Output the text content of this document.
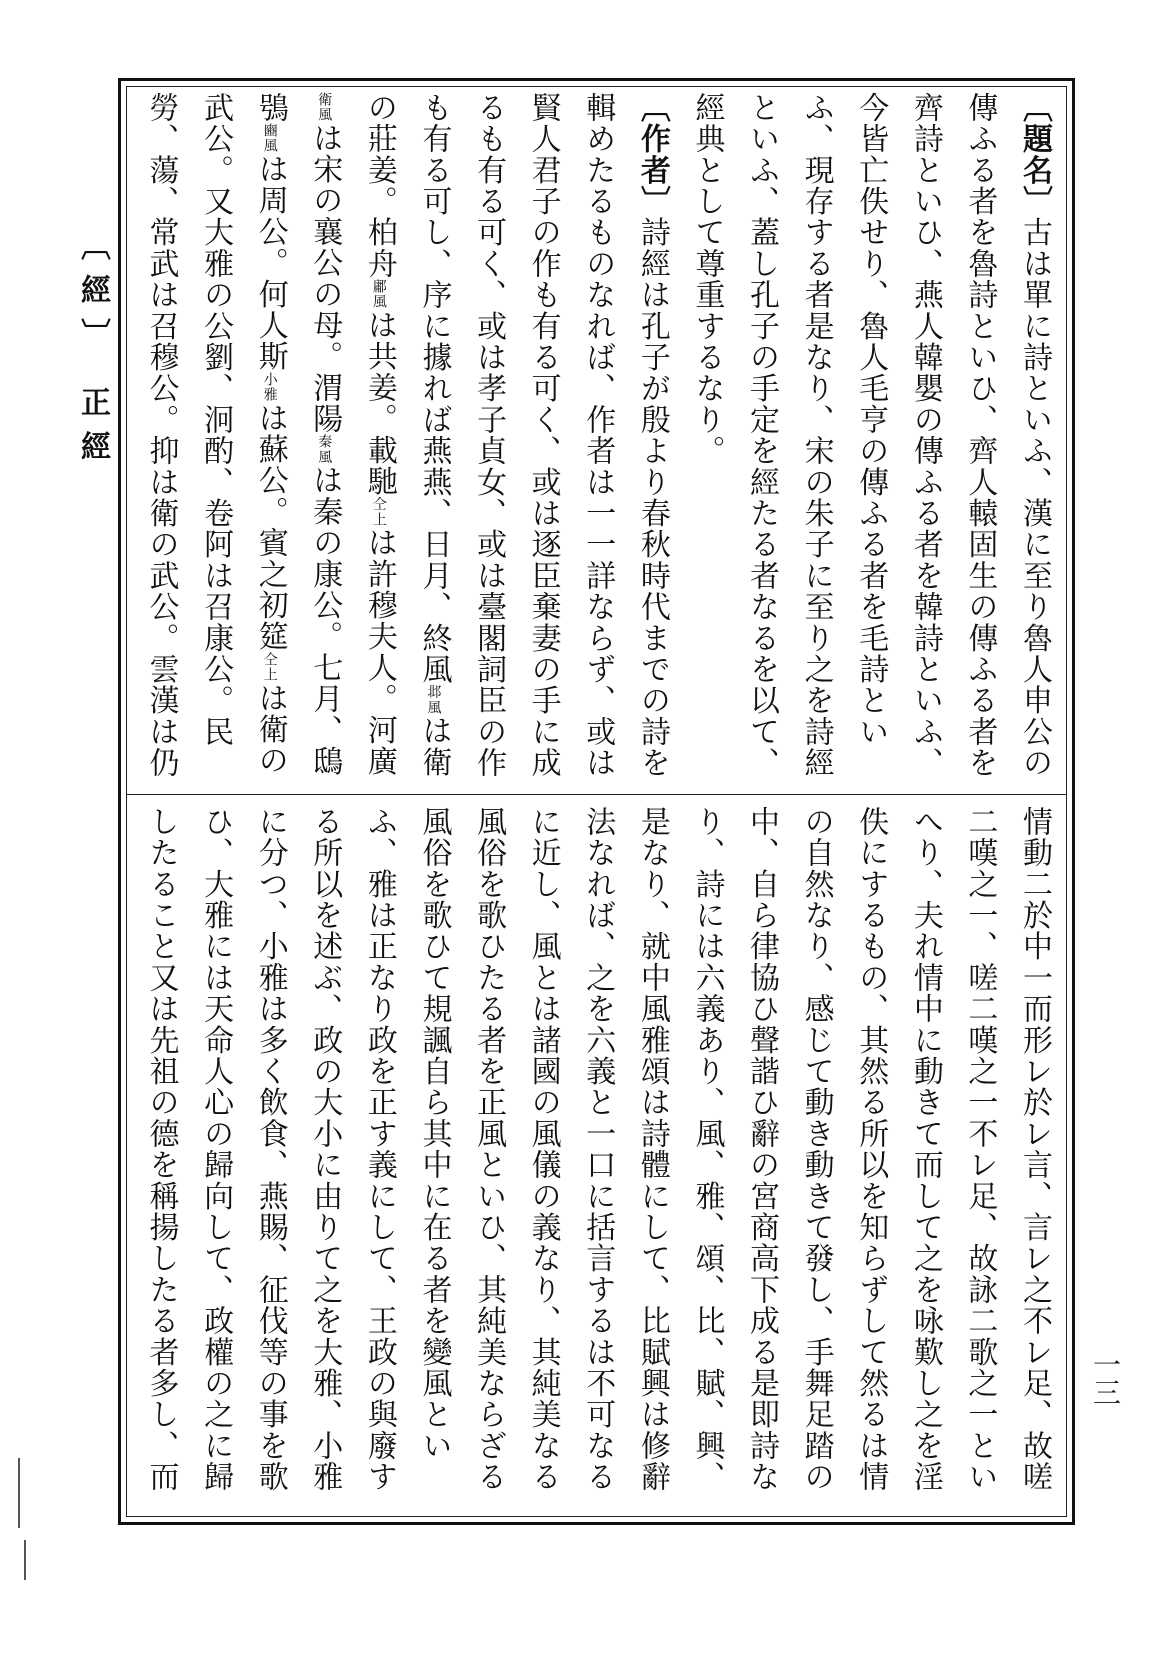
〔經〕 正經

〔題名〕古は單に詩といふ、漢に至り魯人申公の傳ふる者を魯詩といひ、齊人轅固生の傳ふる者を齊詩といひ、燕人韓嬰の傳ふる者を韓詩といふ、今皆亡佚せり、魯人毛亨の傳ふる者を毛詩といふ、現存する者是なり、宋の朱子に至り之を詩經といふ、蓋し孔子の手定を經たる者なるを以て、經典として尊重するなり。

〔作者〕詩經は孔子が殷より春秋時代までの詩を輯めたるものなれば、作者は一一詳ならず、或は賢人君子の作も有る可く、或は逐臣棄妻の手に成るも有る可く、或は孝子貞女、或は臺閣詞臣の作も有る可し、序に據れば燕燕、日月、終風邶風は衛の莊姜。柏舟鄘風は共姜。載馳仝上は許穆夫人。河廣衛風は宋の襄公の母。渭陽秦風は秦の康公。七月、鴟鴞豳風は周公。何人斯小雅は蘇公。賓之初筵仝上は衛の武公。又大雅の公劉、泂酌、卷阿は召康公。民勞、蕩、常武は召穆公。抑は衛の武公。雲漢は仍

情動二於中一而形レ於レ言、言レ之不レ足、故嗟二嘆之一、嗟二嘆之一不レ足、故詠二歌之一といへり、夫れ情中に動きて而して之を咏歎し之を淫佚にするもの、其然る所以を知らずして然るは情の自然なり、感じて動き動きて發し、手舞足踏の中、自ら律協ひ聲諧ひ辭の宮商高下成る是即詩なり、詩には六義あり、風、雅、頌、比、賦、興、是なり、就中風雅頌は詩體にして、比賦興は修辭法なれば、之を六義と一口に括言するは不可なるに近し、風とは諸國の風儀の義なり、其純美なる風俗を歌ひたる者を正風といひ、其純美ならざる風俗を歌ひて規諷自ら其中に在る者を變風といふ、雅は正なり政を正す義にして、王政の與廢する所以を述ぶ、政の大小に由りて之を大雅、小雅に分つ、小雅は多く飲食、燕賜、征伐等の事を歌ひ、大雅には天命人心の歸向して、政權の之に歸したること又は先祖の德を稱揚したる者多し、而

一三
